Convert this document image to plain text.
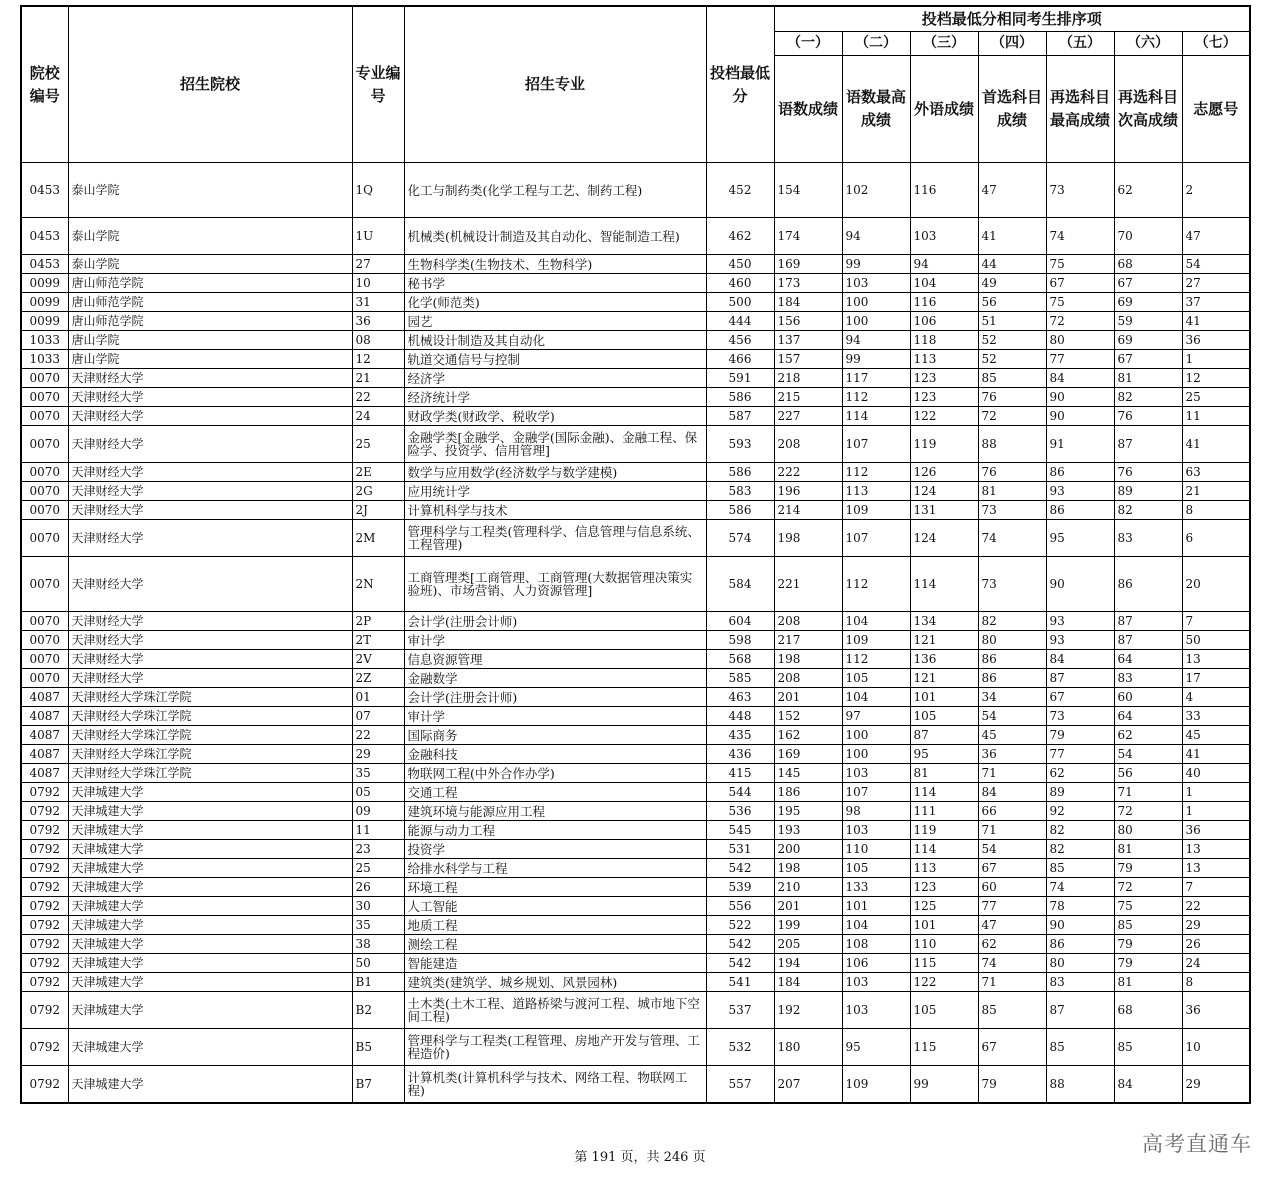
院校编号	招生院校	专业编号	招生专业	投档最低分	投档最低分相同考生排序项						
					（一）	（二）	（三）	（四）	（五）	（六）	（七）
					语数成绩	语数最高成绩	外语成绩	首选科目成绩	再选科目最高成绩	再选科目次高成绩	志愿号
0453	泰山学院	1Q	化工与制药类(化学工程与工艺、制药工程)	452	154	102	116	47	73	62	2
0453	泰山学院	1U	机械类(机械设计制造及其自动化、智能制造工程)	462	174	94	103	41	74	70	47
0453	泰山学院	27	生物科学类(生物技术、生物科学)	450	169	99	94	44	75	68	54
0099	唐山师范学院	10	秘书学	460	173	103	104	49	67	67	27
0099	唐山师范学院	31	化学(师范类)	500	184	100	116	56	75	69	37
0099	唐山师范学院	36	园艺	444	156	100	106	51	72	59	41
1033	唐山学院	08	机械设计制造及其自动化	456	137	94	118	52	80	69	36
1033	唐山学院	12	轨道交通信号与控制	466	157	99	113	52	77	67	1
0070	天津财经大学	21	经济学	591	218	117	123	85	84	81	12
0070	天津财经大学	22	经济统计学	586	215	112	123	76	90	82	25
0070	天津财经大学	24	财政学类(财政学、税收学)	587	227	114	122	72	90	76	11
0070	天津财经大学	25	金融学类[金融学、金融学(国际金融)、金融工程、保险学、投资学、信用管理]	593	208	107	119	88	91	87	41
0070	天津财经大学	2E	数学与应用数学(经济数学与数学建模)	586	222	112	126	76	86	76	63
0070	天津财经大学	2G	应用统计学	583	196	113	124	81	93	89	21
0070	天津财经大学	2J	计算机科学与技术	586	214	109	131	73	86	82	8
0070	天津财经大学	2M	管理科学与工程类(管理科学、信息管理与信息系统、工程管理)	574	198	107	124	74	95	83	6
0070	天津财经大学	2N	工商管理类[工商管理、工商管理(大数据管理决策实验班)、市场营销、人力资源管理]	584	221	112	114	73	90	86	20
0070	天津财经大学	2P	会计学(注册会计师)	604	208	104	134	82	93	87	7
0070	天津财经大学	2T	审计学	598	217	109	121	80	93	87	50
0070	天津财经大学	2V	信息资源管理	568	198	112	136	86	84	64	13
0070	天津财经大学	2Z	金融数学	585	208	105	121	86	87	83	17
4087	天津财经大学珠江学院	01	会计学(注册会计师)	463	201	104	101	34	67	60	4
4087	天津财经大学珠江学院	07	审计学	448	152	97	105	54	73	64	33
4087	天津财经大学珠江学院	22	国际商务	435	162	100	87	45	79	62	45
4087	天津财经大学珠江学院	29	金融科技	436	169	100	95	36	77	54	41
4087	天津财经大学珠江学院	35	物联网工程(中外合作办学)	415	145	103	81	71	62	56	40
0792	天津城建大学	05	交通工程	544	186	107	114	84	89	71	1
0792	天津城建大学	09	建筑环境与能源应用工程	536	195	98	111	66	92	72	1
0792	天津城建大学	11	能源与动力工程	545	193	103	119	71	82	80	36
0792	天津城建大学	23	投资学	531	200	110	114	54	82	81	13
0792	天津城建大学	25	给排水科学与工程	542	198	105	113	67	85	79	13
0792	天津城建大学	26	环境工程	539	210	133	123	60	74	72	7
0792	天津城建大学	30	人工智能	556	201	101	125	77	78	75	22
0792	天津城建大学	35	地质工程	522	199	104	101	47	90	85	29
0792	天津城建大学	38	测绘工程	542	205	108	110	62	86	79	26
0792	天津城建大学	50	智能建造	542	194	106	115	74	80	79	24
0792	天津城建大学	B1	建筑类(建筑学、城乡规划、风景园林)	541	184	103	122	71	83	81	8
0792	天津城建大学	B2	土木类(土木工程、道路桥梁与渡河工程、城市地下空间工程)	537	192	103	105	85	87	68	36
0792	天津城建大学	B5	管理科学与工程类(工程管理、房地产开发与管理、工程造价)	532	180	95	115	67	85	85	10
0792	天津城建大学	B7	计算机类(计算机科学与技术、网络工程、物联网工程)	557	207	109	99	79	88	84	29
第 191 页，共 246 页
高考直通车
